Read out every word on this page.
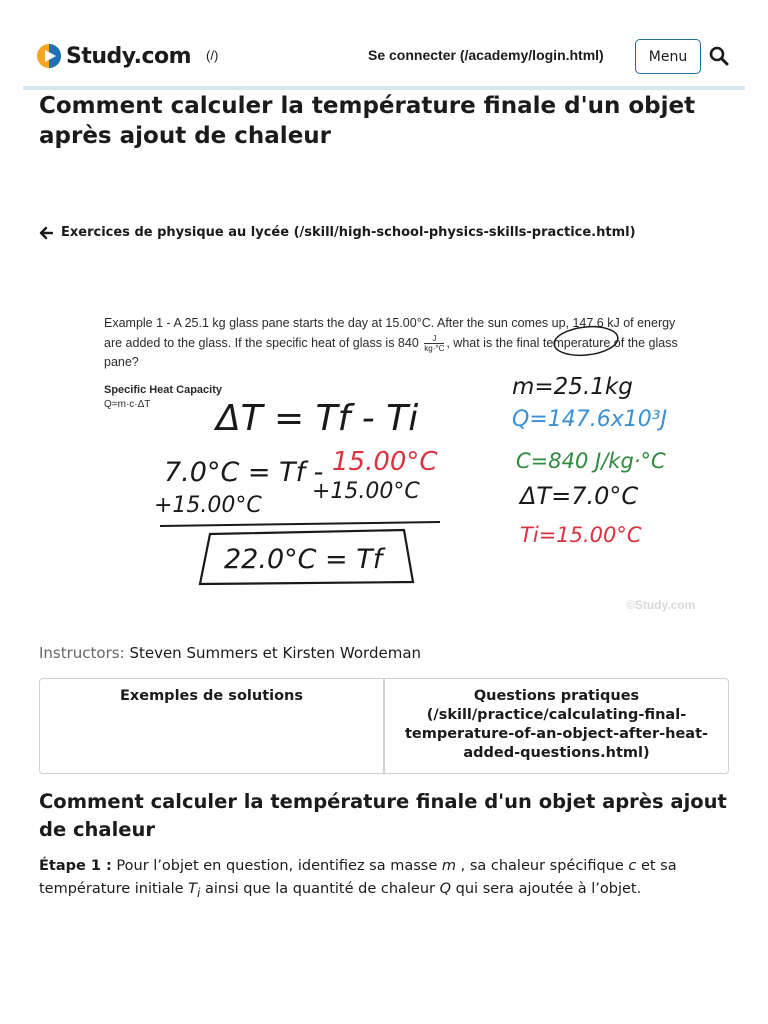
Study.com (/)	Se connecter (/academy/login.html)	Menu
Comment calculer la température finale d'un objet après ajout de chaleur
Exercices de physique au lycée (/skill/high-school-physics-skills-practice.html)
Example 1 - A 25.1 kg glass pane starts the day at 15.00°C. After the sun comes up, 147.6 kJ of energy are added to the glass. If the specific heat of glass is $840 \frac{J}{kg\cdot^\circ C}$ , what is the final temperature of the glass pane?
Specific Heat Capacity
Q=m·c·ΔT ΔT = Tf - Ti
7.0°C = Tf - 15.00°C
+15.00°C
+15.00°C
22.0°C = Tf
m=25.1kg
Q=147.6x10³J
C=840 J/kg·°C
ΔT=7.0°C
Ti=15.00°C
©Study.com
Instructors: Steven Summers et Kirsten Wordeman
Exemples de solutions	Questions pratiques (/skill/practice/calculating-final-temperature-of-an-object-after-heat-added-questions.html)
Comment calculer la température finale d'un objet après ajout de chaleur

Étape 1 : Pour l’objet en question, identifiez sa masse m , sa chaleur spécifique c et sa température initiale $T_i$ ainsi que la quantité de chaleur Q qui sera ajoutée à l’objet.
